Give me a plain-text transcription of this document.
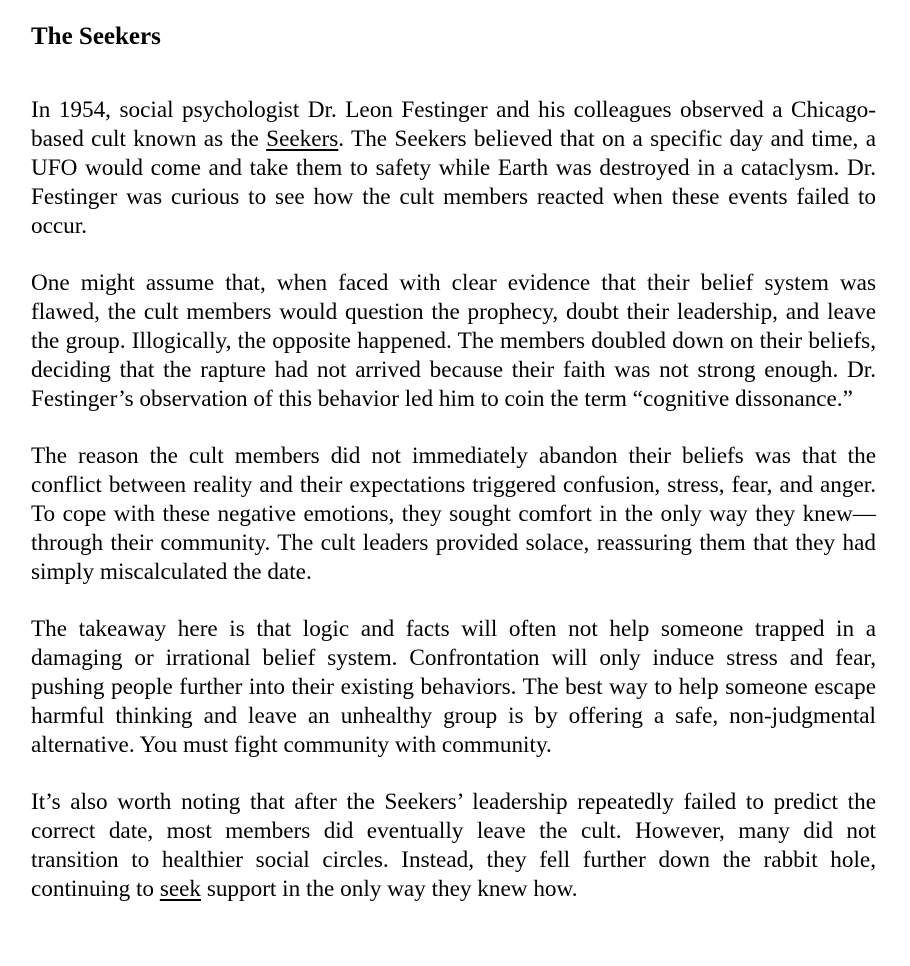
The Seekers

In 1954, social psychologist Dr. Leon Festinger and his colleagues observed a Chicago-based cult known as the Seekers. The Seekers believed that on a specific day and time, a UFO would come and take them to safety while Earth was destroyed in a cataclysm. Dr. Festinger was curious to see how the cult members reacted when these events failed to occur.

One might assume that, when faced with clear evidence that their belief system was flawed, the cult members would question the prophecy, doubt their leadership, and leave the group. Illogically, the opposite happened. The members doubled down on their beliefs, deciding that the rapture had not arrived because their faith was not strong enough. Dr. Festinger’s observation of this behavior led him to coin the term “cognitive dissonance.”

The reason the cult members did not immediately abandon their beliefs was that the conflict between reality and their expectations triggered confusion, stress, fear, and anger. To cope with these negative emotions, they sought comfort in the only way they knew—through their community. The cult leaders provided solace, reassuring them that they had simply miscalculated the date.

The takeaway here is that logic and facts will often not help someone trapped in a damaging or irrational belief system. Confrontation will only induce stress and fear, pushing people further into their existing behaviors. The best way to help someone escape harmful thinking and leave an unhealthy group is by offering a safe, non-judgmental alternative. You must fight community with community.

It’s also worth noting that after the Seekers’ leadership repeatedly failed to predict the correct date, most members did eventually leave the cult. However, many did not transition to healthier social circles. Instead, they fell further down the rabbit hole, continuing to seek support in the only way they knew how.
